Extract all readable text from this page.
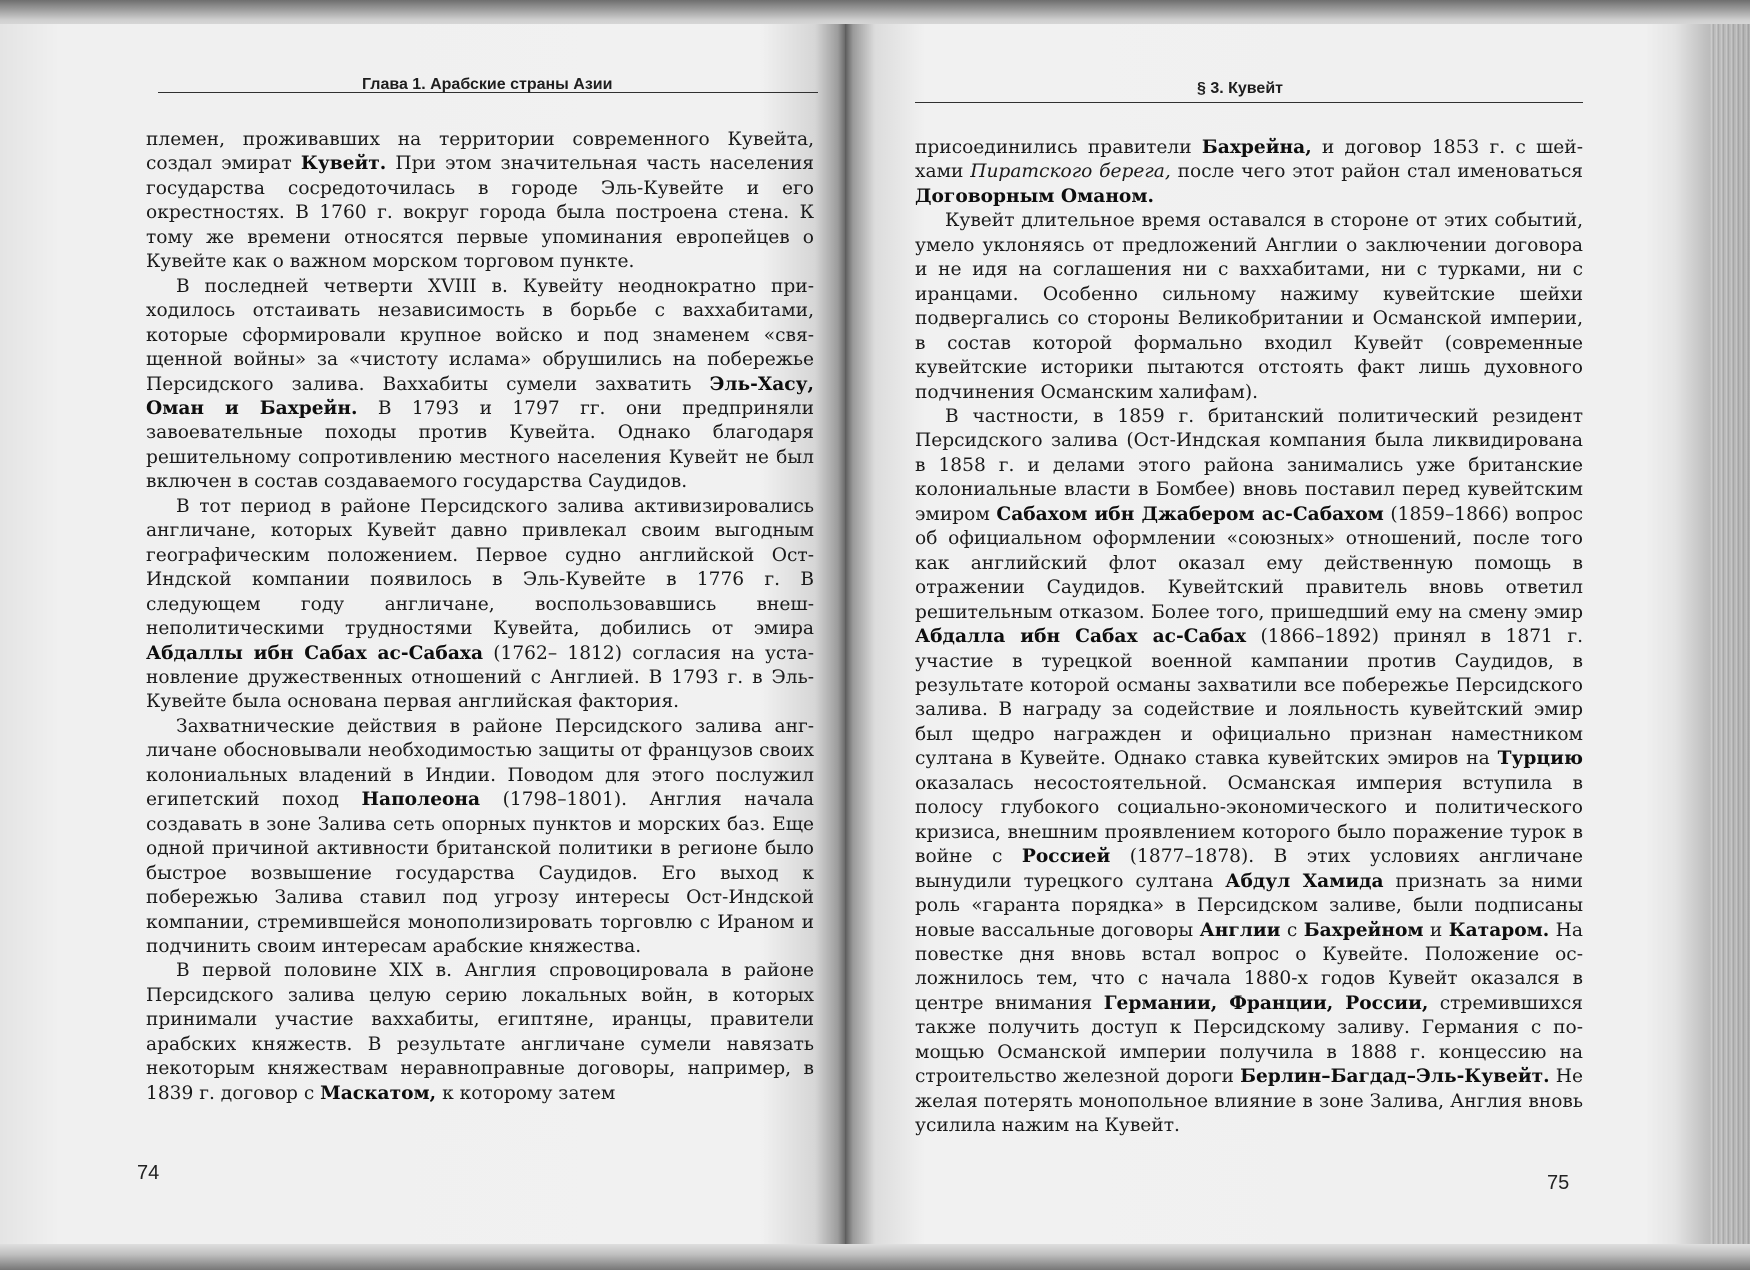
Глава 1. Арабские страны Азии

племен, проживавших на территории современного Кувейта, создал эмират Кувейт. При этом значительная часть населения государства сосредоточилась в городе Эль-Кувейте и его окрестностях. В 1760 г. вокруг города была построена стена. К тому же времени относятся первые упоминания европейцев о Кувейте как о важном морском торговом пункте.

В последней четверти XVIII в. Кувейту неоднократно приходилось отстаивать независимость в борьбе с ваххабитами, которые сформировали крупное войско и под знаменем «священной войны» за «чистоту ислама» обрушились на побережье Персидского залива. Ваххабиты сумели захватить Эль-Хасу, Оман и Бахрейн. В 1793 и 1797 гг. они предприняли завоевательные походы против Кувейта. Однако благодаря решительному сопротивлению местного населения Кувейт не был включен в состав создаваемого государства Саудидов.

В тот период в районе Персидского залива активизировались англичане, которых Кувейт давно привлекал своим выгодным географическим положением. Первое судно английской Ост-Индской компании появилось в Эль-Кувейте в 1776 г. В следующем году англичане, воспользовавшись внешнеполитическими трудностями Кувейта, добились от эмира Абдаллы ибн Сабах ас-Сабаха (1762– 1812) согласия на установление дружественных отношений с Англией. В 1793 г. в Эль-Кувейте была основана первая английская фактория.

Захватнические действия в районе Персидского залива англичане обосновывали необходимостью защиты от французов своих колониальных владений в Индии. Поводом для этого послужил египетский поход Наполеона (1798–1801). Англия начала создавать в зоне Залива сеть опорных пунктов и морских баз. Еще одной причиной активности британской политики в регионе было быстрое возвышение государства Саудидов. Его выход к побережью Залива ставил под угрозу интересы Ост-Индской компании, стремившейся монополизировать торговлю с Ираном и подчинить своим интересам арабские княжества.

В первой половине XIX в. Англия спровоцировала в районе Персидского залива целую серию локальных войн, в которых принимали участие ваххабиты, египтяне, иранцы, правители арабских княжеств. В результате англичане сумели навязать некоторым княжествам неравноправные договоры, например, в 1839 г. договор с Маскатом, к которому затем

74
§ 3. Кувейт

присоединились правители Бахрейна, и договор 1853 г. с шейхами Пиратского берега, после чего этот район стал именоваться Договорным Оманом.

Кувейт длительное время оставался в стороне от этих событий, умело уклоняясь от предложений Англии о заключении договора и не идя на соглашения ни с ваххабитами, ни с турками, ни с иранцами. Особенно сильному нажиму кувейтские шейхи подвергались со стороны Великобритании и Османской империи, в состав которой формально входил Кувейт (современные кувейтские историки пытаются отстоять факт лишь духовного подчинения Османским халифам).

В частности, в 1859 г. британский политический резидент Персидского залива (Ост-Индская компания была ликвидирована в 1858 г. и делами этого района занимались уже британские колониальные власти в Бомбее) вновь поставил перед кувейтским эмиром Сабахом ибн Джабером ас-Сабахом (1859–1866) вопрос об официальном оформлении «союзных» отношений, после того как английский флот оказал ему действенную помощь в отражении Саудидов. Кувейтский правитель вновь ответил решительным отказом. Более того, пришедший ему на смену эмир Абдалла ибн Сабах ас-Сабах (1866–1892) принял в 1871 г. участие в турецкой военной кампании против Саудидов, в результате которой османы захватили все побережье Персидского залива. В награду за содействие и лояльность кувейтский эмир был щедро награжден и официально признан наместником султана в Кувейте. Однако ставка кувейтских эмиров на Турцию оказалась несостоятельной. Османская империя вступила в полосу глубокого социально-экономического и политического кризиса, внешним проявлением которого было поражение турок в войне с Россией (1877–1878). В этих условиях англичане вынудили турецкого султана Абдул Хамида признать за ними роль «гаранта порядка» в Персидском заливе, были подписаны новые вассальные договоры Англии с Бахрейном и Катаром. На повестке дня вновь встал вопрос о Кувейте. Положение осложнилось тем, что с начала 1880-х годов Кувейт оказался в центре внимания Германии, Франции, России, стремившихся также получить доступ к Персидскому заливу. Германия с помощью Османской империи получила в 1888 г. концессию на строительство железной дороги Берлин–Багдад–Эль-Кувейт. Не желая потерять монопольное влияние в зоне Залива, Англия вновь усилила нажим на Кувейт.

75
